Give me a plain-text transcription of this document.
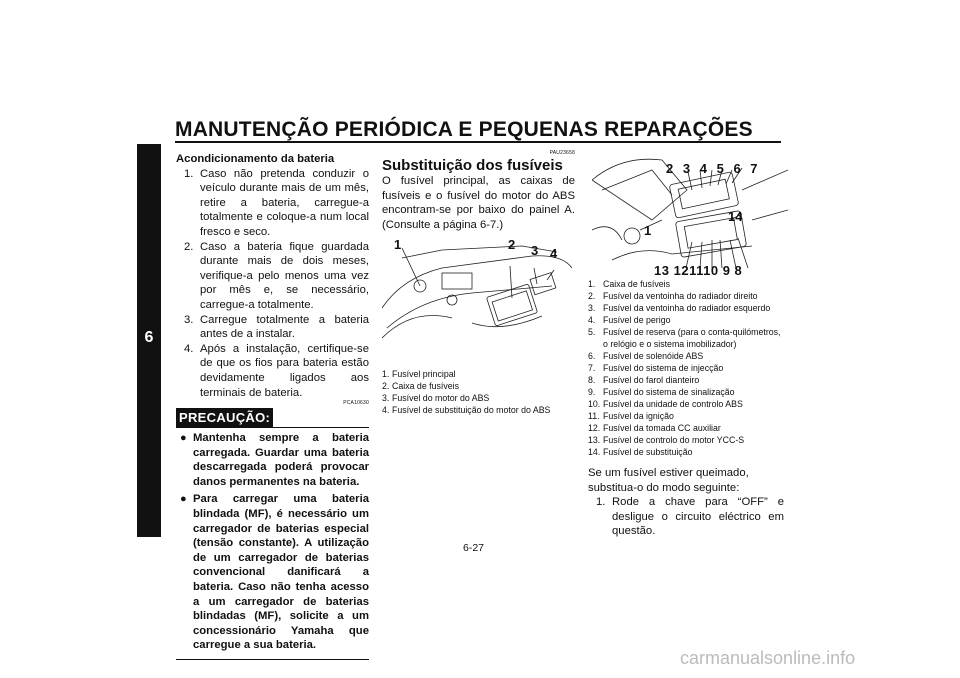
MANUTENÇÃO PERIÓDICA E PEQUENAS REPARAÇÕES
6
Acondicionamento da bateria
1. Caso não pretenda conduzir o veículo durante mais de um mês, retire a bateria, carregue-a totalmente e coloque-a num local fresco e seco.
2. Caso a bateria fique guardada durante mais de dois meses, verifique-a pelo menos uma vez por mês e, se necessário, carregue-a totalmente.
3. Carregue totalmente a bateria antes de a instalar.
4. Após a instalação, certifique-se de que os fios para bateria estão devidamente ligados aos terminais de bateria.
PCA10630
PRECAUÇÃO:
● Mantenha sempre a bateria carregada. Guardar uma bateria descarregada poderá provocar danos permanentes na bateria.
● Para carregar uma bateria blindada (MF), é necessário um carregador de baterias especial (tensão constante). A utilização de um carregador de baterias convencional danificará a bateria. Caso não tenha acesso a um carregador de baterias blindadas (MF), solicite a um concessionário Yamaha que carregue a sua bateria.
PAU23658
Substituição dos fusíveis
O fusível principal, as caixas de fusíveis e o fusível do motor do ABS encontram-se por baixo do painel A. (Consulte a página 6-7.)
1	2 3 4
1. Fusível principal
2. Caixa de fusíveis
3. Fusível do motor do ABS
4. Fusível de substituição do motor do ABS
2 3 4 5 6 7
14
1
13 121110 9 8
1. Caixa de fusíveis
2. Fusível da ventoinha do radiador direito
3. Fusível da ventoinha do radiador esquerdo
4. Fusível de perigo
5. Fusível de reserva (para o conta-quilómetros, o relógio e o sistema imobilizador)
6. Fusível de solenóide ABS
7. Fusível do sistema de injecção
8. Fusível do farol dianteiro
9. Fusível do sistema de sinalização
10. Fusível da unidade de controlo ABS
11. Fusível da ignição
12. Fusível da tomada CC auxiliar
13. Fusível de controlo do motor YCC-S
14. Fusível de substituição
Se um fusível estiver queimado, substitua-o do modo seguinte:
1. Rode a chave para “OFF” e desligue o circuito eléctrico em questão.
6-27
carmanualsonline.info
